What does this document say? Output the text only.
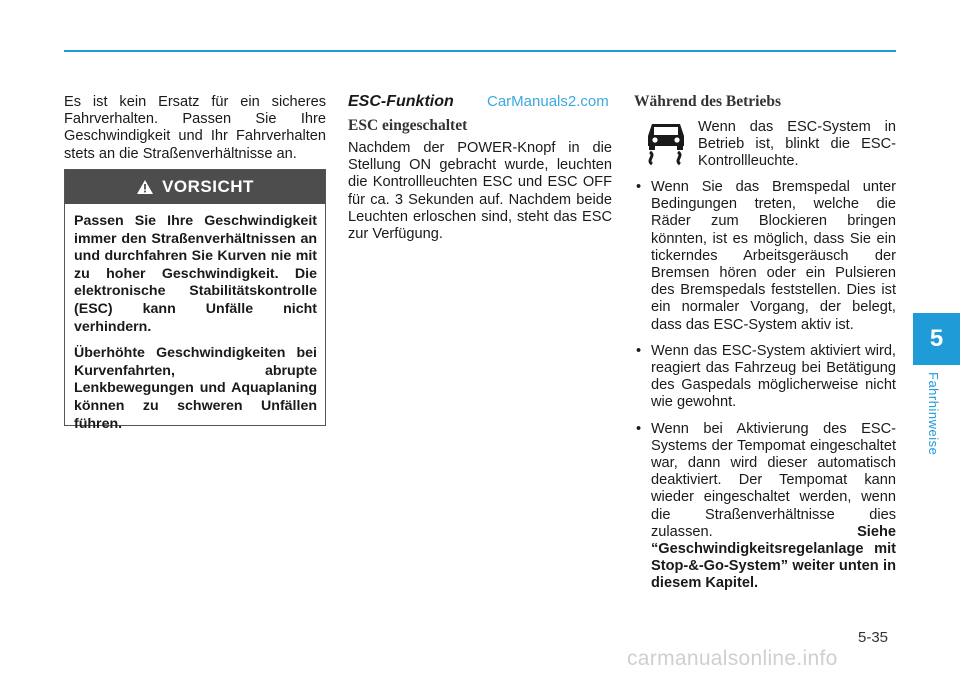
Es ist kein Ersatz für ein sicheres Fahrverhalten. Passen Sie Ihre Geschwindigkeit und Ihr Fahrverhalten stets an die Straßenverhältnisse an.

VORSICHT

Passen Sie Ihre Geschwindigkeit immer den Straßenverhältnissen an und durchfahren Sie Kurven nie mit zu hoher Geschwindigkeit. Die elektronische Stabilitätskontrolle (ESC) kann Unfälle nicht verhindern.

Überhöhte Geschwindigkeiten bei Kurvenfahrten, abrupte Lenkbewegungen und Aquaplaning können zu schweren Unfällen führen.

ESC-Funktion CarManuals2.com
ESC eingeschaltet

Nachdem der POWER-Knopf in die Stellung ON gebracht wurde, leuchten die Kontrollleuchten ESC und ESC OFF für ca. 3 Sekunden auf. Nachdem beide Leuchten erloschen sind, steht das ESC zur Verfügung.

Während des Betriebs

Wenn das ESC-System in Betrieb ist, blinkt die ESC-Kontrollleuchte.

• Wenn Sie das Bremspedal unter Bedingungen treten, welche die Räder zum Blockieren bringen könnten, ist es möglich, dass Sie ein tickerndes Arbeitsgeräusch der Bremsen hören oder ein Pulsieren des Bremspedals feststellen. Dies ist ein normaler Vorgang, der belegt, dass das ESC-System aktiv ist.
• Wenn das ESC-System aktiviert wird, reagiert das Fahrzeug bei Betätigung des Gaspedals möglicherweise nicht wie gewohnt.
• Wenn bei Aktivierung des ESC-Systems der Tempomat eingeschaltet war, dann wird dieser automatisch deaktiviert. Der Tempomat kann wieder eingeschaltet werden, wenn die Straßenverhältnisse dies zulassen. Siehe “Geschwindigkeitsregelanlage mit Stop-&-Go-System” weiter unten in diesem Kapitel.
5
Fahrhinweise
5-35
carmanualsonline.info
